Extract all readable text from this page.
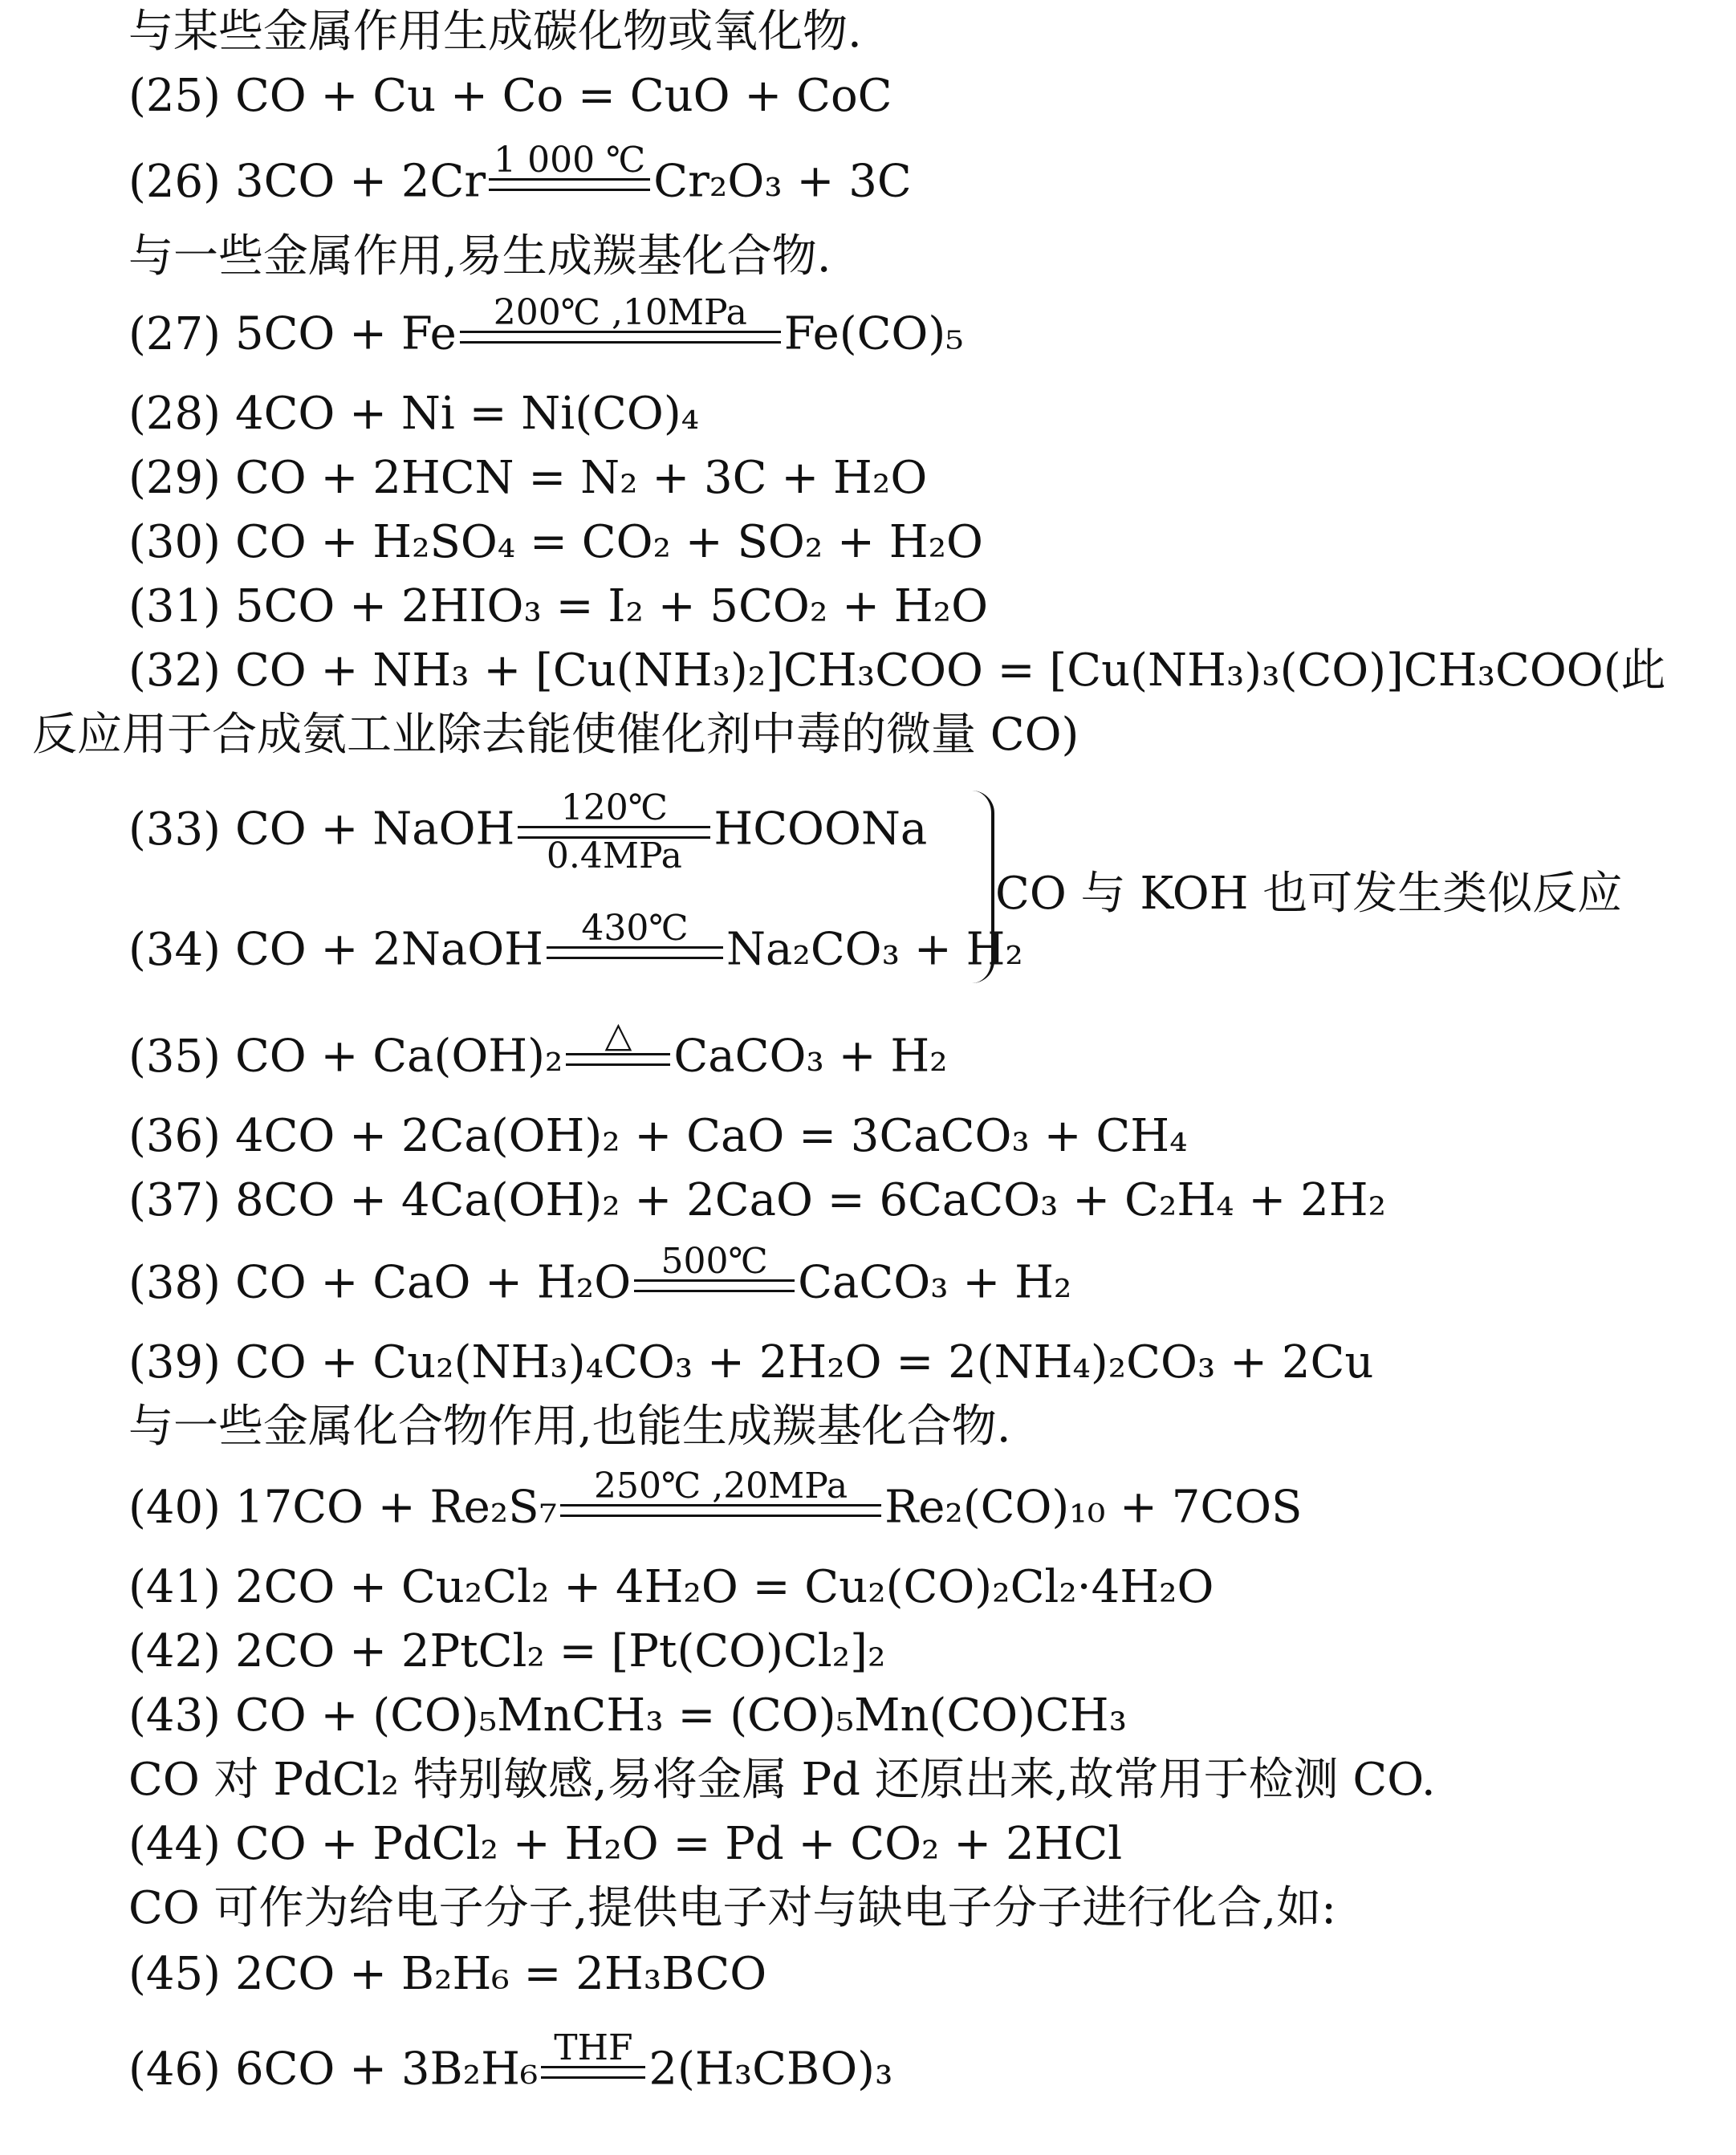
与某些金属作用生成碳化物或氧化物.
(25) CO + Cu + Co = CuO + CoC
(26) 3CO + 2Cr 1 000 ℃
Cr₂O₃ + 3C
与一些金属作用,易生成羰基化合物.
(27) 5CO + Fe	200℃ ,10MPa
Fe(CO)₅
(28) 4CO + Ni = Ni(CO)₄
(29) CO + 2HCN = N₂ + 3C + H₂O
(30) CO + H₂SO₄ = CO₂ + SO₂ + H₂O
(31) 5CO + 2HIO₃ = I₂ + 5CO₂ + H₂O
(32) CO + NH₃ + [Cu(NH₃)₂]CH₃COO = [Cu(NH₃)₃(CO)]CH₃COO(此
反应用于合成氨工业除去能使催化剂中毒的微量 CO)
(33) CO + NaOH	120℃
0.4MPa
HCOONa
(34) CO + 2NaOH	430℃
Na₂CO₃ + H₂
CO 与 KOH 也可发生类似反应
(35) CO + Ca(OH)₂	△
CaCO₃ + H₂
(36) 4CO + 2Ca(OH)₂ + CaO = 3CaCO₃ + CH₄
(37) 8CO + 4Ca(OH)₂ + 2CaO = 6CaCO₃ + C₂H₄ + 2H₂
(38) CO + CaO + H₂O 500℃
CaCO₃ + H₂
(39) CO + Cu₂(NH₃)₄CO₃ + 2H₂O = 2(NH₄)₂CO₃ + 2Cu
与一些金属化合物作用,也能生成羰基化合物.
(40) 17CO + Re₂S₇	250℃ ,20MPa
Re₂(CO)₁₀ + 7COS
(41) 2CO + Cu₂Cl₂ + 4H₂O = Cu₂(CO)₂Cl₂·4H₂O
(42) 2CO + 2PtCl₂ = [Pt(CO)Cl₂]₂
(43) CO + (CO)₅MnCH₃ = (CO)₅Mn(CO)CH₃
CO 对 PdCl₂ 特别敏感,易将金属 Pd 还原出来,故常用于检测 CO.
(44) CO + PdCl₂ + H₂O = Pd + CO₂ + 2HCl
CO 可作为给电子分子,提供电子对与缺电子分子进行化合,如:
(45) 2CO + B₂H₆ = 2H₃BCO
(46) 6CO + 3B₂H₆ THF
2(H₃CBO)₃
